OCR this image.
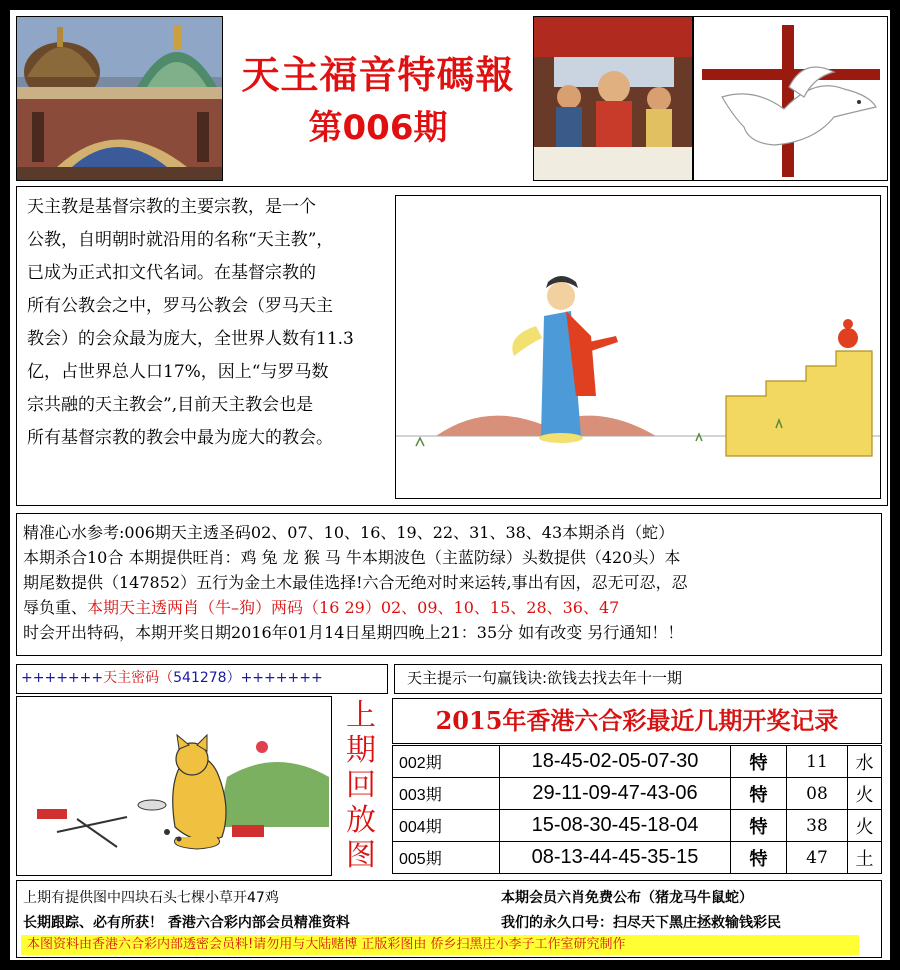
天主福音特碼報
第006期
天主教是基督宗教的主要宗教，是一个
公教，自明朝时就沿用的名称“天主教”，
已成为正式扣文代名词。在基督宗教的
所有公教会之中，罗马公教会（罗马天主
教会）的会众最为庞大，全世界人数有11.3
亿，占世界总人口17%，因上“与罗马数
宗共融的天主教会”,目前天主教会也是
所有基督宗教的教会中最为庞大的教会。
精准心水参考:006期天主透圣码02、07、10、16、19、22、31、38、43本期杀肖（蛇）
本期杀合10合 本期提供旺肖：鸡 兔 龙 猴 马 牛本期波色（主蓝防绿）头数提供（420头）本
期尾数提供（147852）五行为金土木最佳选择!六合无绝对时来运转,事出有因，忍无可忍，忍
辱负重、本期天主透两肖（牛–狗）两码（16 29）02、09、10、15、28、36、47
时会开出特码，本期开奖日期2016年01月14日星期四晚上21：35分 如有改变 另行通知！！
+++++++天主密码（541278）+++++++	天主提示一句赢钱诀:欲钱去找去年十一期
上
期
回
放
图
2015年香港六合彩最近几期开奖记录
002期	18-45-02-05-07-30	特	11	水
003期	29-11-09-47-43-06	特	08	火
004期	15-08-30-45-18-04	特	38	火
005期	08-13-44-45-35-15	特	47	土
上期有提供图中四块石头七棵小草开47鸡	本期会员六肖免费公布（猪龙马牛鼠蛇）
长期跟踪、必有所获！ 香港六合彩内部会员精准资料	我们的永久口号：扫尽天下黑庄拯救输钱彩民
本图资料由香港六合彩内部透密会员料!请勿用与大陆赌博 正版彩图由 侨乡扫黑庄小李子工作室研究制作
